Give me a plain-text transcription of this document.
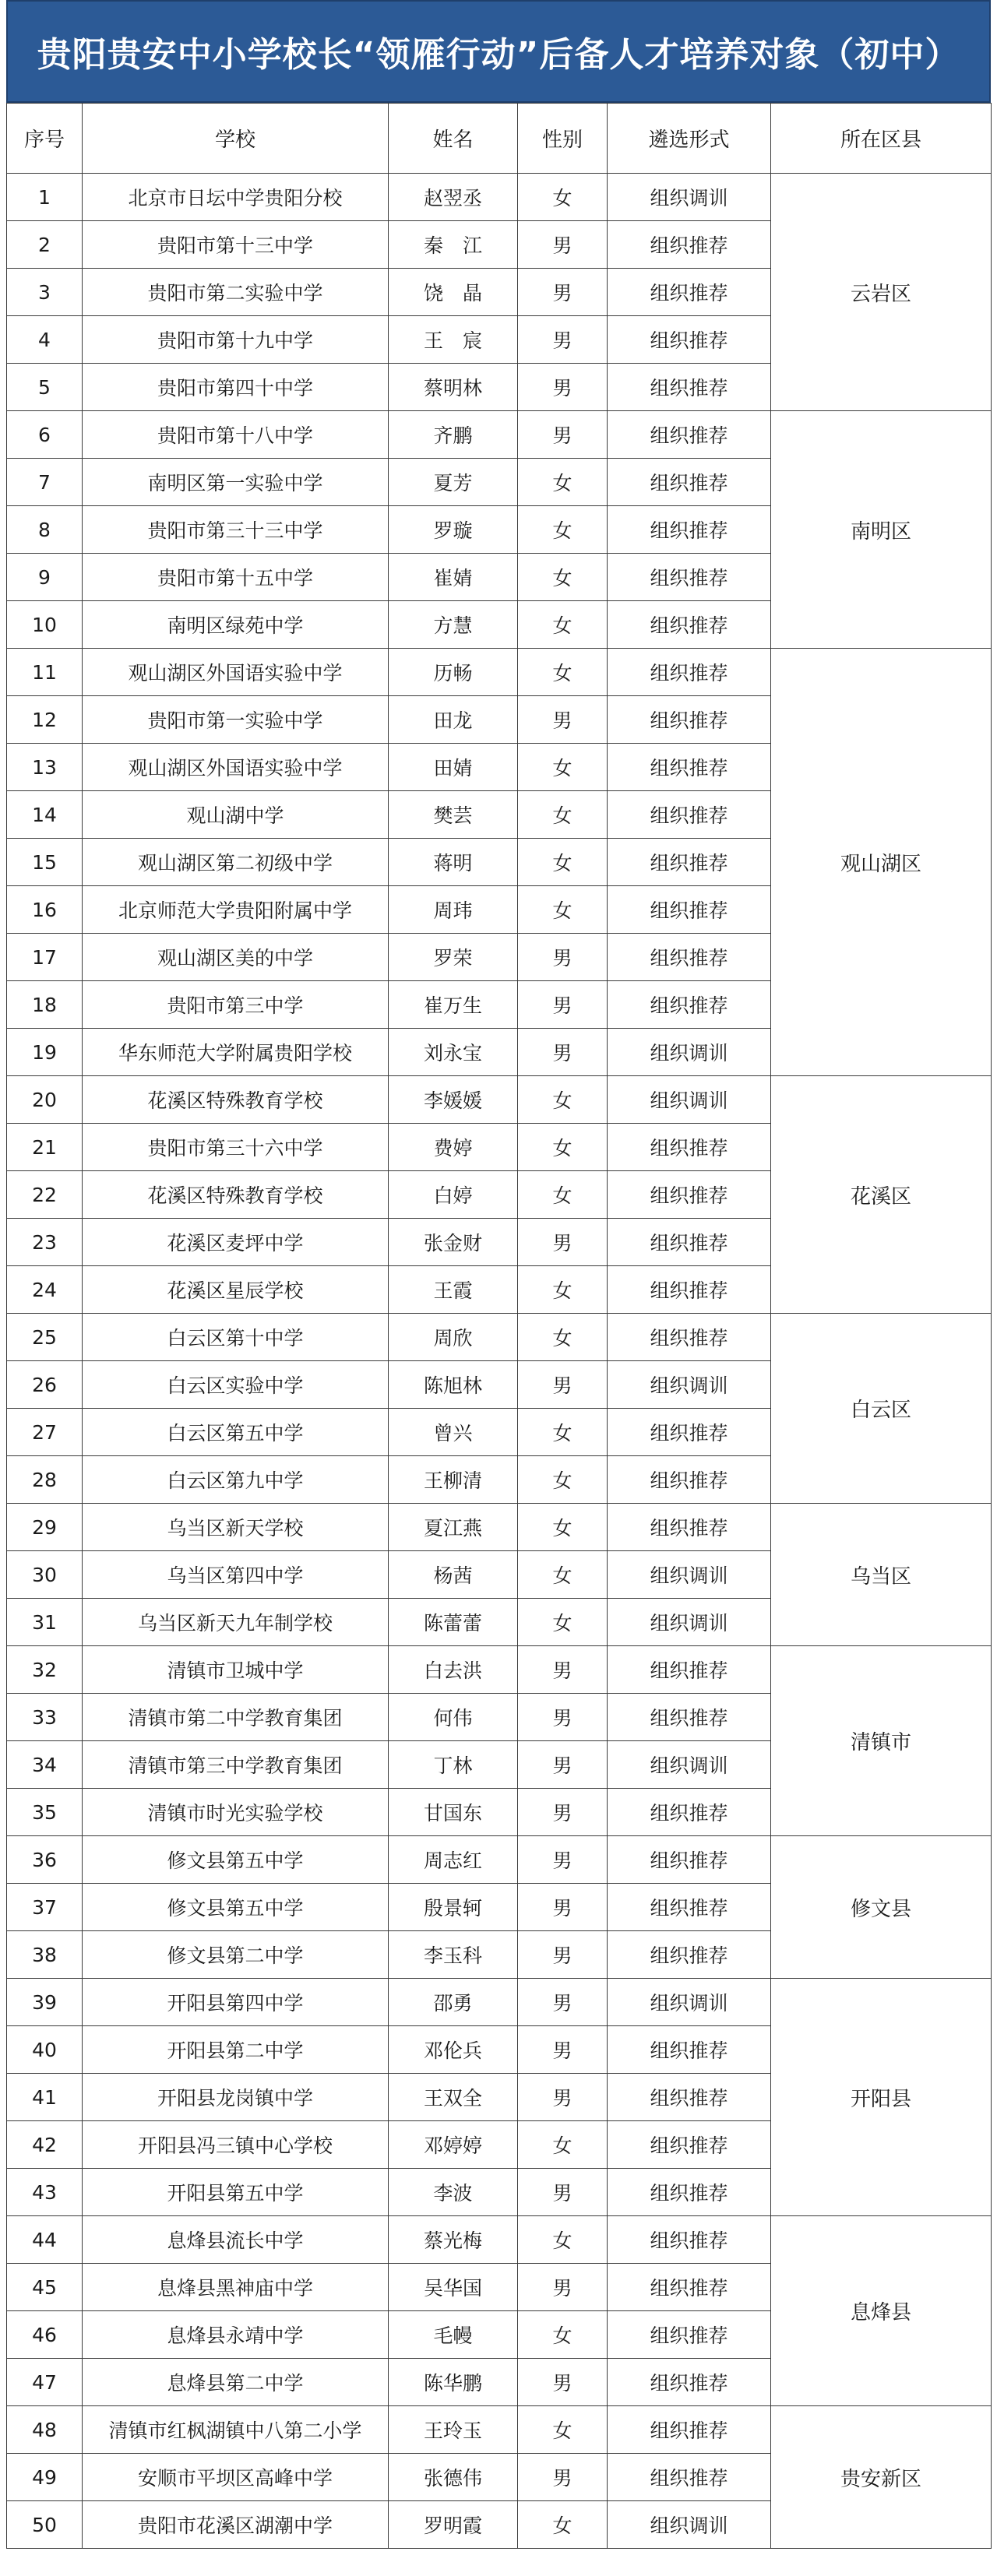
贵阳贵安中小学校长“领雁行动”后备人才培养对象（初中）
序号	学校	姓名	性别	遴选形式	所在区县
1	北京市日坛中学贵阳分校	赵翌丞	女	组织调训	云岩区
2	贵阳市第十三中学	秦　江	男	组织推荐	
3	贵阳市第二实验中学	饶　晶	男	组织推荐	
4	贵阳市第十九中学	王　宸	男	组织推荐	
5	贵阳市第四十中学	蔡明林	男	组织推荐	
6	贵阳市第十八中学	齐鹏	男	组织推荐	南明区
7	南明区第一实验中学	夏芳	女	组织推荐	
8	贵阳市第三十三中学	罗璇	女	组织推荐	
9	贵阳市第十五中学	崔婧	女	组织推荐	
10	南明区绿苑中学	方慧	女	组织推荐	
11	观山湖区外国语实验中学	历畅	女	组织推荐	观山湖区
12	贵阳市第一实验中学	田龙	男	组织推荐	
13	观山湖区外国语实验中学	田婧	女	组织推荐	
14	观山湖中学	樊芸	女	组织推荐	
15	观山湖区第二初级中学	蒋明	女	组织推荐	
16	北京师范大学贵阳附属中学	周玮	女	组织推荐	
17	观山湖区美的中学	罗荣	男	组织推荐	
18	贵阳市第三中学	崔万生	男	组织推荐	
19	华东师范大学附属贵阳学校	刘永宝	男	组织调训	
20	花溪区特殊教育学校	李媛媛	女	组织调训	花溪区
21	贵阳市第三十六中学	费婷	女	组织推荐	
22	花溪区特殊教育学校	白婷	女	组织推荐	
23	花溪区麦坪中学	张金财	男	组织推荐	
24	花溪区星辰学校	王霞	女	组织推荐	
25	白云区第十中学	周欣	女	组织推荐	白云区
26	白云区实验中学	陈旭林	男	组织调训	
27	白云区第五中学	曾兴	女	组织推荐	
28	白云区第九中学	王柳清	女	组织推荐	
29	乌当区新天学校	夏江燕	女	组织推荐	乌当区
30	乌当区第四中学	杨茜	女	组织调训	
31	乌当区新天九年制学校	陈蕾蕾	女	组织调训	
32	清镇市卫城中学	白去洪	男	组织推荐	清镇市
33	清镇市第二中学教育集团	何伟	男	组织推荐	
34	清镇市第三中学教育集团	丁林	男	组织调训	
35	清镇市时光实验学校	甘国东	男	组织推荐	
36	修文县第五中学	周志红	男	组织推荐	修文县
37	修文县第五中学	殷景轲	男	组织推荐	
38	修文县第二中学	李玉科	男	组织推荐	
39	开阳县第四中学	邵勇	男	组织调训	开阳县
40	开阳县第二中学	邓伦兵	男	组织推荐	
41	开阳县龙岗镇中学	王双全	男	组织推荐	
42	开阳县冯三镇中心学校	邓婷婷	女	组织推荐	
43	开阳县第五中学	李波	男	组织推荐	
44	息烽县流长中学	蔡光梅	女	组织推荐	息烽县
45	息烽县黑神庙中学	吴华国	男	组织推荐	
46	息烽县永靖中学	毛幔	女	组织推荐	
47	息烽县第二中学	陈华鹏	男	组织推荐	
48	清镇市红枫湖镇中八第二小学	王玲玉	女	组织推荐	贵安新区
49	安顺市平坝区高峰中学	张德伟	男	组织推荐	
50	贵阳市花溪区湖潮中学	罗明霞	女	组织调训	
